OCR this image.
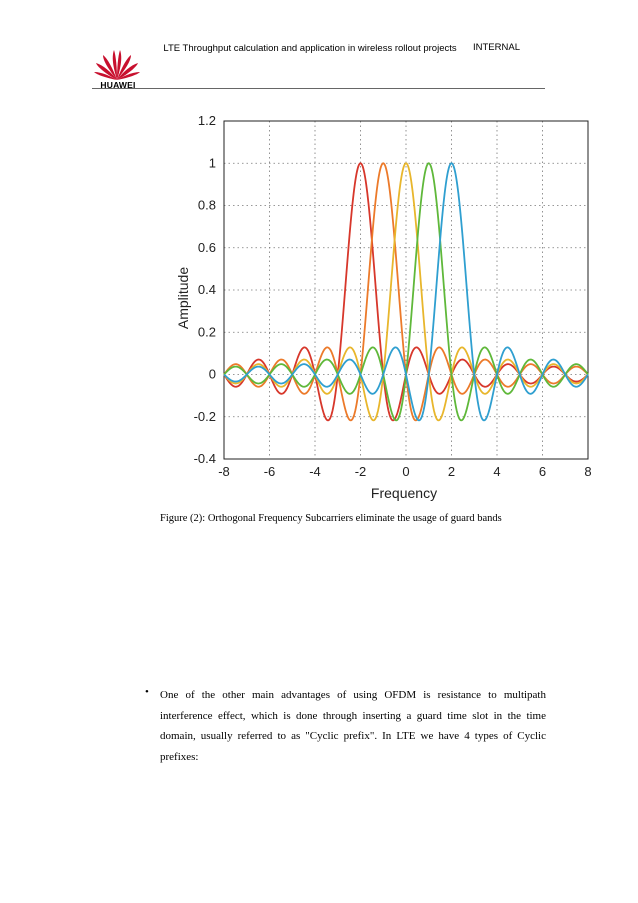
HUAWEI
LTE Throughput calculation and application in wireless rollout projects	INTERNAL
-8	-6	-4	-2	0	2	4	6	8
1.2
1
0.8
0.6
0.4
0.2
0
-0.2
-0.4
Frequency
Amplitude
Figure (2): Orthogonal Frequency Subcarriers eliminate the usage of guard bands
• One of the other main advantages of using OFDM is resistance to multipath interference effect, which is done through inserting a guard time slot in the time domain, usually referred to as "Cyclic prefix". In LTE we have 4 types of Cyclic prefixes:
